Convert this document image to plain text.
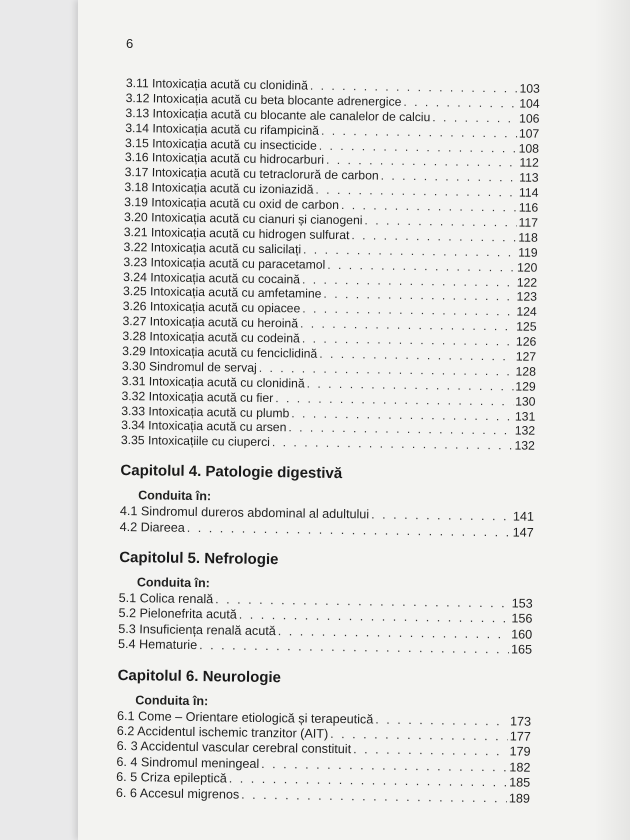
6
3.11 Intoxicația acută cu clonidină . . .	103
3.12 Intoxicația acută cu beta blocante adrenergice . . .	104
3.13 Intoxicația acută cu blocante ale canalelor de calciu . . .	106
3.14 Intoxicația acută cu rifampicină . . .	107
3.15 Intoxicația acută cu insecticide . . .	108
3.16 Intoxicația acută cu hidrocarburi . . .	112
3.17 Intoxicația acută cu tetraclorură de carbon . . .	113
3.18 Intoxicația acută cu izoniazidă . . .	114
3.19 Intoxicația acută cu oxid de carbon . . .	116
3.20 Intoxicația acută cu cianuri și cianogeni . . .	117
3.21 Intoxicația acută cu hidrogen sulfurat . . .	118
3.22 Intoxicația acută cu salicilați . . .	119
3.23 Intoxicația acută cu paracetamol . . .	120
3.24 Intoxicația acută cu cocaină . . .	122
3.25 Intoxicația acută cu amfetamine . . .	123
3.26 Intoxicația acută cu opiacee . . .	124
3.27 Intoxicația acută cu heroină . . .	125
3.28 Intoxicația acută cu codeină . . .	126
3.29 Intoxicația acută cu fenciclidină . . .	127
3.30 Sindromul de servaj . . .	128
3.31 Intoxicația acută cu clonidină . . .	129
3.32 Intoxicația acută cu fier . . .	130
3.33 Intoxicația acută cu plumb . . .	131
3.34 Intoxicația acută cu arsen . . .	132
3.35 Intoxicațiile cu ciuperci . . .	132
Capitolul 4. Patologie digestivă
Conduita în:
4.1 Sindromul dureros abdominal al adultului . . .	141
4.2 Diareea . . .	147
Capitolul 5. Nefrologie
Conduita în:
5.1 Colica renală . . .	153
5.2 Pielonefrita acută . . .	156
5.3 Insuficiența renală acută . . .	160
5.4 Hematurie . . .	165
Capitolul 6. Neurologie
Conduita în:
6.1 Come – Orientare etiologică și terapeutică . . .	173
6.2 Accidentul ischemic tranzitor (AIT) . . .	177
6. 3 Accidentul vascular cerebral constituit . . .	179
6. 4 Sindromul meningeal . . .	182
6. 5 Criza epileptică . . .	185
6. 6 Accesul migrenos . . .	189
